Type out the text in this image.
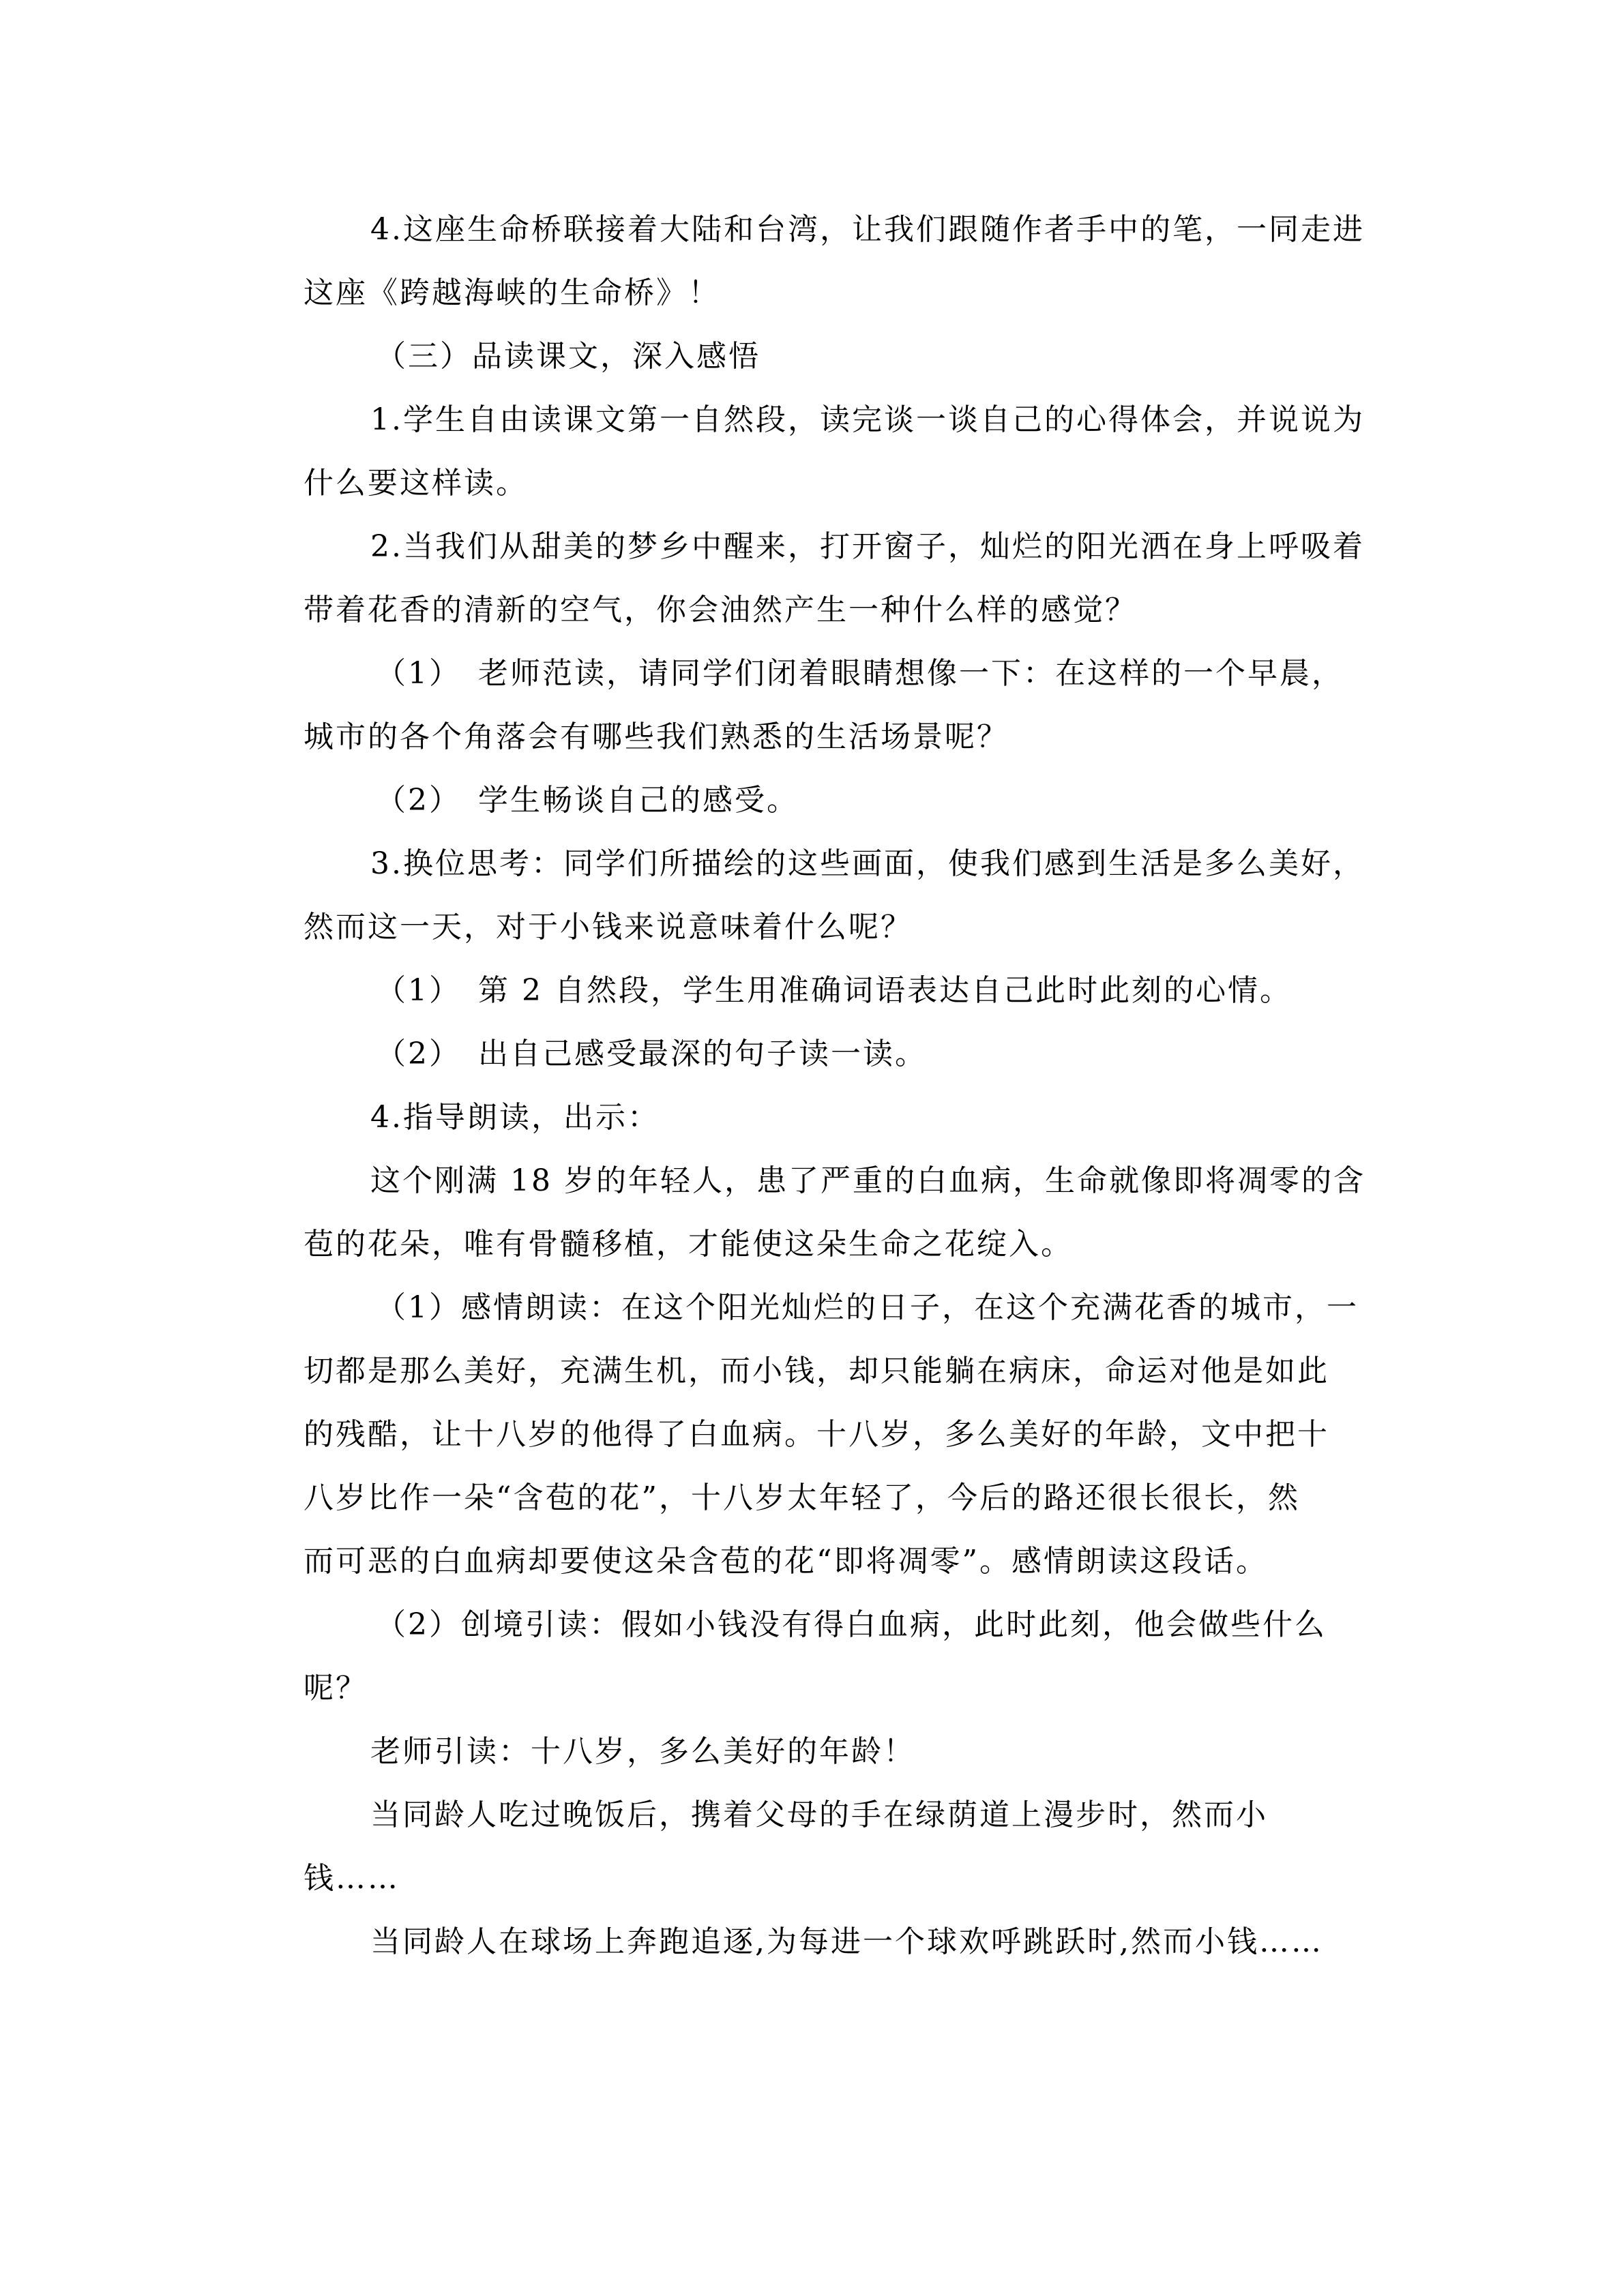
4.这座生命桥联接着大陆和台湾，让我们跟随作者手中的笔，一同走进

这座《跨越海峡的生命桥》！

（三）品读课文，深入感悟

1.学生自由读课文第一自然段，读完谈一谈自己的心得体会，并说说为

什么要这样读。

2.当我们从甜美的梦乡中醒来，打开窗子，灿烂的阳光洒在身上呼吸着

带着花香的清新的空气，你会油然产生一种什么样的感觉？

（1）　老师范读，请同学们闭着眼睛想像一下：在这样的一个早晨，

城市的各个角落会有哪些我们熟悉的生活场景呢？

（2）　学生畅谈自己的感受。

3.换位思考：同学们所描绘的这些画面，使我们感到生活是多么美好，

然而这一天，对于小钱来说意味着什么呢？

（1）　第 2 自然段，学生用准确词语表达自己此时此刻的心情。

（2）　出自己感受最深的句子读一读。

4.指导朗读，出示：

这个刚满 18 岁的年轻人，患了严重的白血病，生命就像即将凋零的含

苞的花朵，唯有骨髓移植，才能使这朵生命之花绽入。

（1）感情朗读：在这个阳光灿烂的日子，在这个充满花香的城市，一

切都是那么美好，充满生机，而小钱，却只能躺在病床，命运对他是如此

的残酷，让十八岁的他得了白血病。十八岁，多么美好的年龄，文中把十

八岁比作一朵“含苞的花”，十八岁太年轻了，今后的路还很长很长，然

而可恶的白血病却要使这朵含苞的花“即将凋零”。感情朗读这段话。

（2）创境引读：假如小钱没有得白血病，此时此刻，他会做些什么

呢？

老师引读：十八岁，多么美好的年龄！

当同龄人吃过晚饭后，携着父母的手在绿荫道上漫步时，然而小

钱……

当同龄人在球场上奔跑追逐,为每进一个球欢呼跳跃时,然而小钱……
